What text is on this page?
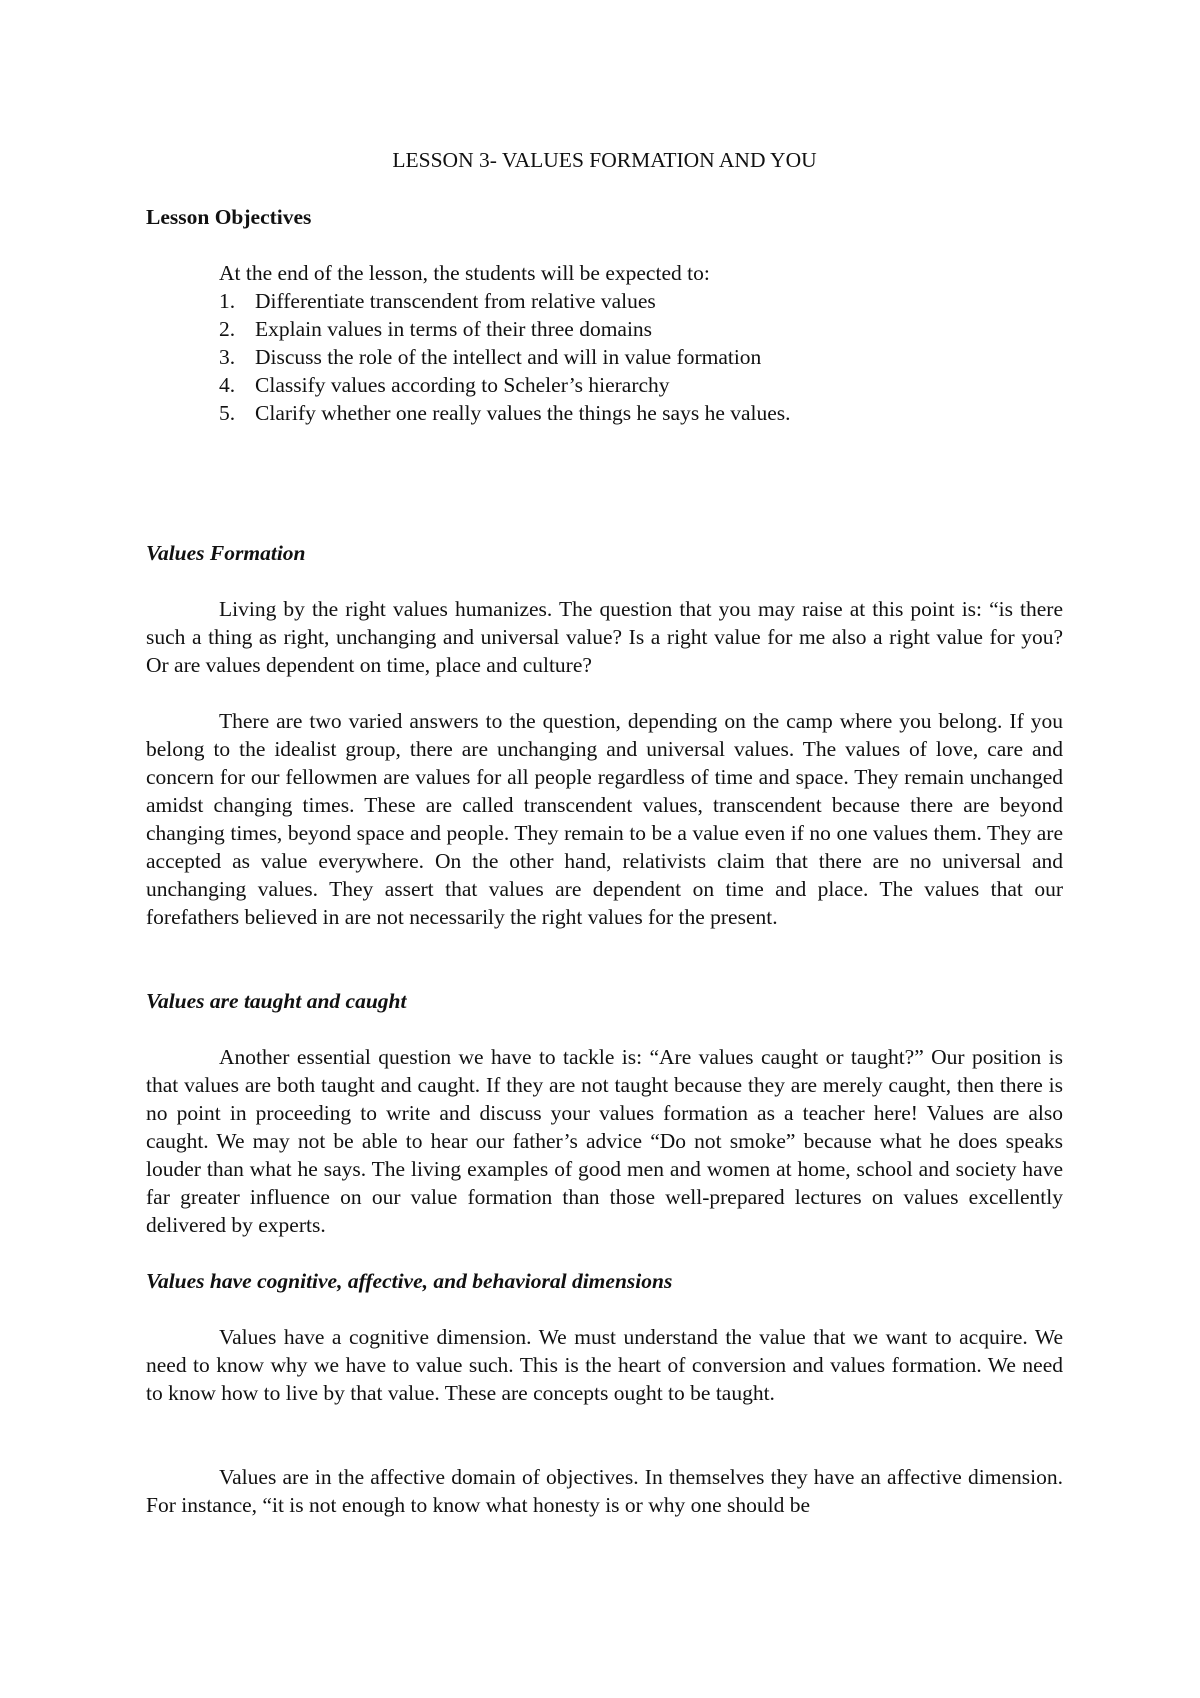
LESSON 3- VALUES FORMATION AND YOU
Lesson Objectives

At the end of the lesson, the students will be expected to:

1. Differentiate transcendent from relative values
2. Explain values in terms of their three domains
3. Discuss the role of the intellect and will in value formation
4. Classify values according to Scheler’s hierarchy
5. Clarify whether one really values the things he says he values.
Values Formation

Living by the right values humanizes. The question that you may raise at this point is: “is there such a thing as right, unchanging and universal value? Is a right value for me also a right value for you? Or are values dependent on time, place and culture?

There are two varied answers to the question, depending on the camp where you belong. If you belong to the idealist group, there are unchanging and universal values. The values of love, care and concern for our fellowmen are values for all people regardless of time and space. They remain unchanged amidst changing times. These are called transcendent values, transcendent because there are beyond changing times, beyond space and people. They remain to be a value even if no one values them. They are accepted as value everywhere. On the other hand, relativists claim that there are no universal and unchanging values. They assert that values are dependent on time and place. The values that our forefathers believed in are not necessarily the right values for the present.

Values are taught and caught

Another essential question we have to tackle is: “Are values caught or taught?” Our position is that values are both taught and caught. If they are not taught because they are merely caught, then there is no point in proceeding to write and discuss your values formation as a teacher here! Values are also caught. We may not be able to hear our father’s advice “Do not smoke” because what he does speaks louder than what he says. The living examples of good men and women at home, school and society have far greater influence on our value formation than those well-prepared lectures on values excellently delivered by experts.

Values have cognitive, affective, and behavioral dimensions

Values have a cognitive dimension. We must understand the value that we want to acquire. We need to know why we have to value such. This is the heart of conversion and values formation. We need to know how to live by that value. These are concepts ought to be taught.

Values are in the affective domain of objectives. In themselves they have an affective dimension. For instance, “it is not enough to know what honesty is or why one should be
